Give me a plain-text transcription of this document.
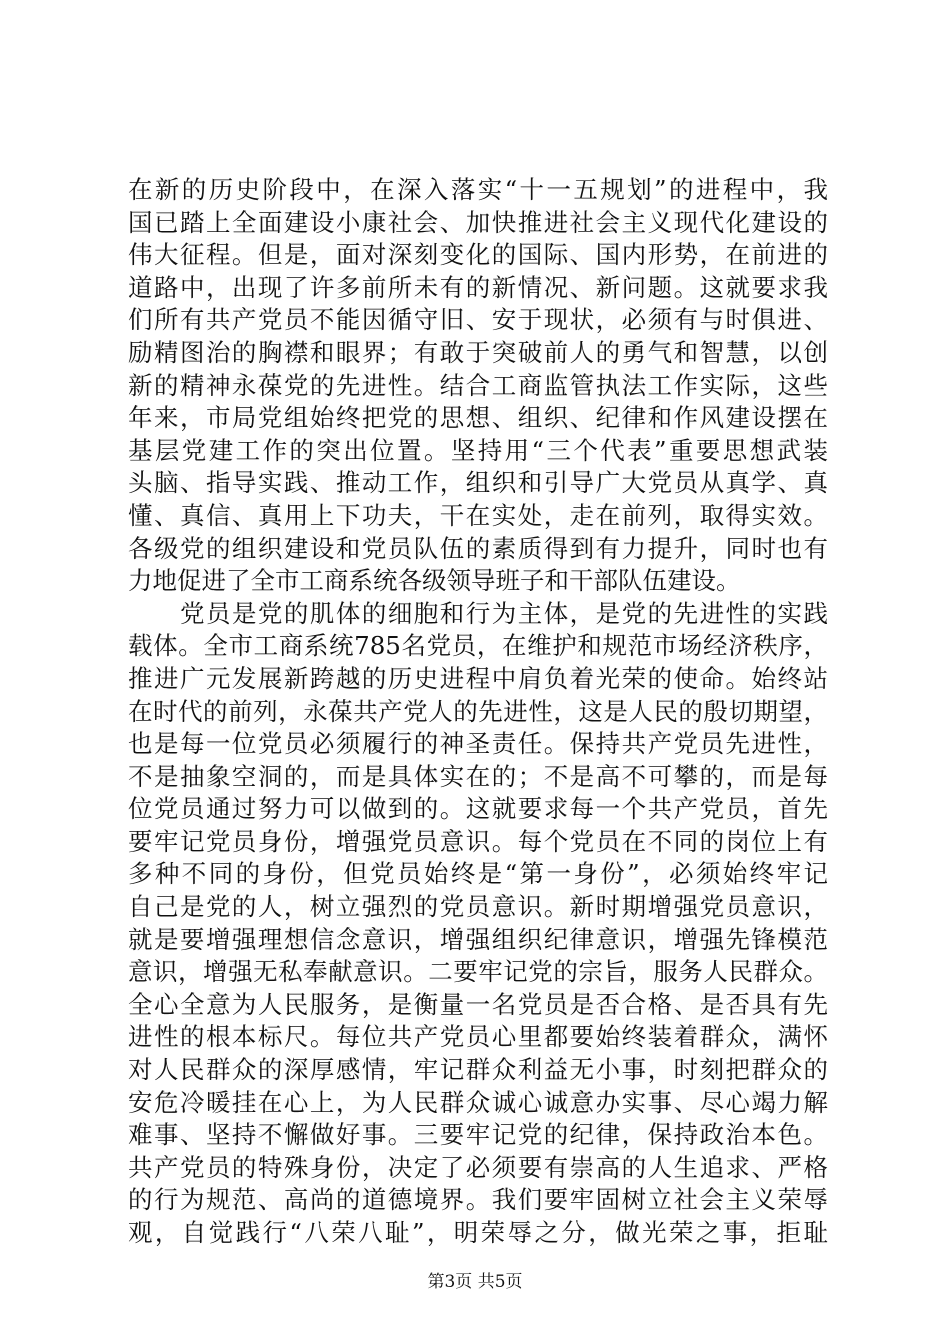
在新的历史阶段中，在深入落实“十一五规划”的进程中，我
国已踏上全面建设小康社会、加快推进社会主义现代化建设的
伟大征程。但是，面对深刻变化的国际、国内形势，在前进的
道路中，出现了许多前所未有的新情况、新问题。这就要求我
们所有共产党员不能因循守旧、安于现状，必须有与时俱进、
励精图治的胸襟和眼界；有敢于突破前人的勇气和智慧，以创
新的精神永葆党的先进性。结合工商监管执法工作实际，这些
年来，市局党组始终把党的思想、组织、纪律和作风建设摆在
基层党建工作的突出位置。坚持用“三个代表”重要思想武装
头脑、指导实践、推动工作，组织和引导广大党员从真学、真
懂、真信、真用上下功夫，干在实处，走在前列，取得实效。
各级党的组织建设和党员队伍的素质得到有力提升，同时也有
力地促进了全市工商系统各级领导班子和干部队伍建设。
党员是党的肌体的细胞和行为主体，是党的先进性的实践
载体。全市工商系统785名党员，在维护和规范市场经济秩序，
推进广元发展新跨越的历史进程中肩负着光荣的使命。始终站
在时代的前列，永葆共产党人的先进性，这是人民的殷切期望，
也是每一位党员必须履行的神圣责任。保持共产党员先进性，
不是抽象空洞的，而是具体实在的；不是高不可攀的，而是每
位党员通过努力可以做到的。这就要求每一个共产党员，首先
要牢记党员身份，增强党员意识。每个党员在不同的岗位上有
多种不同的身份，但党员始终是“第一身份”，必须始终牢记
自己是党的人，树立强烈的党员意识。新时期增强党员意识，
就是要增强理想信念意识，增强组织纪律意识，增强先锋模范
意识，增强无私奉献意识。二要牢记党的宗旨，服务人民群众。
全心全意为人民服务，是衡量一名党员是否合格、是否具有先
进性的根本标尺。每位共产党员心里都要始终装着群众，满怀
对人民群众的深厚感情，牢记群众利益无小事，时刻把群众的
安危冷暖挂在心上，为人民群众诚心诚意办实事、尽心竭力解
难事、坚持不懈做好事。三要牢记党的纪律，保持政治本色。
共产党员的特殊身份，决定了必须要有崇高的人生追求、严格
的行为规范、高尚的道德境界。我们要牢固树立社会主义荣辱
观，自觉践行“八荣八耻”，明荣辱之分，做光荣之事，拒耻
第3页 共5页
